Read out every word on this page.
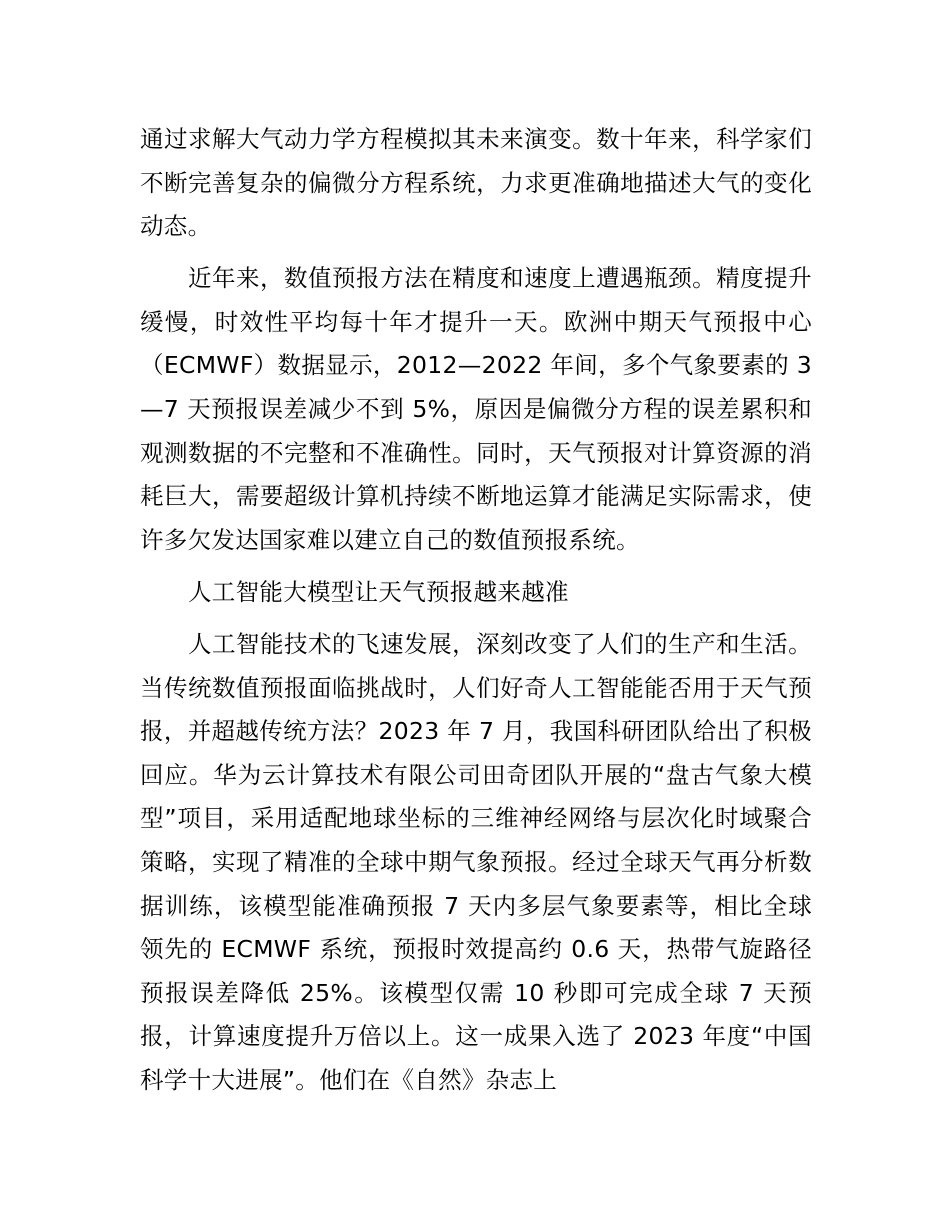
通过求解大气动力学方程模拟其未来演变。数十年来，科学家们不断完善复杂的偏微分方程系统，力求更准确地描述大气的变化动态。

近年来，数值预报方法在精度和速度上遭遇瓶颈。精度提升缓慢，时效性平均每十年才提升一天。欧洲中期天气预报中心（ECMWF）数据显示，2012—2022 年间，多个气象要素的 3—7 天预报误差减少不到 5%，原因是偏微分方程的误差累积和观测数据的不完整和不准确性。同时，天气预报对计算资源的消耗巨大，需要超级计算机持续不断地运算才能满足实际需求，使许多欠发达国家难以建立自己的数值预报系统。

人工智能大模型让天气预报越来越准

人工智能技术的飞速发展，深刻改变了人们的生产和生活。当传统数值预报面临挑战时，人们好奇人工智能能否用于天气预报，并超越传统方法？2023 年 7 月，我国科研团队给出了积极回应。华为云计算技术有限公司田奇团队开展的“盘古气象大模型”项目，采用适配地球坐标的三维神经网络与层次化时域聚合策略，实现了精准的全球中期气象预报。经过全球天气再分析数据训练，该模型能准确预报 7 天内多层气象要素等，相比全球领先的 ECMWF 系统，预报时效提高约 0.6 天，热带气旋路径预报误差降低 25%。该模型仅需 10 秒即可完成全球 7 天预报，计算速度提升万倍以上。这一成果入选了 2023 年度“中国科学十大进展”。他们在《自然》杂志上
